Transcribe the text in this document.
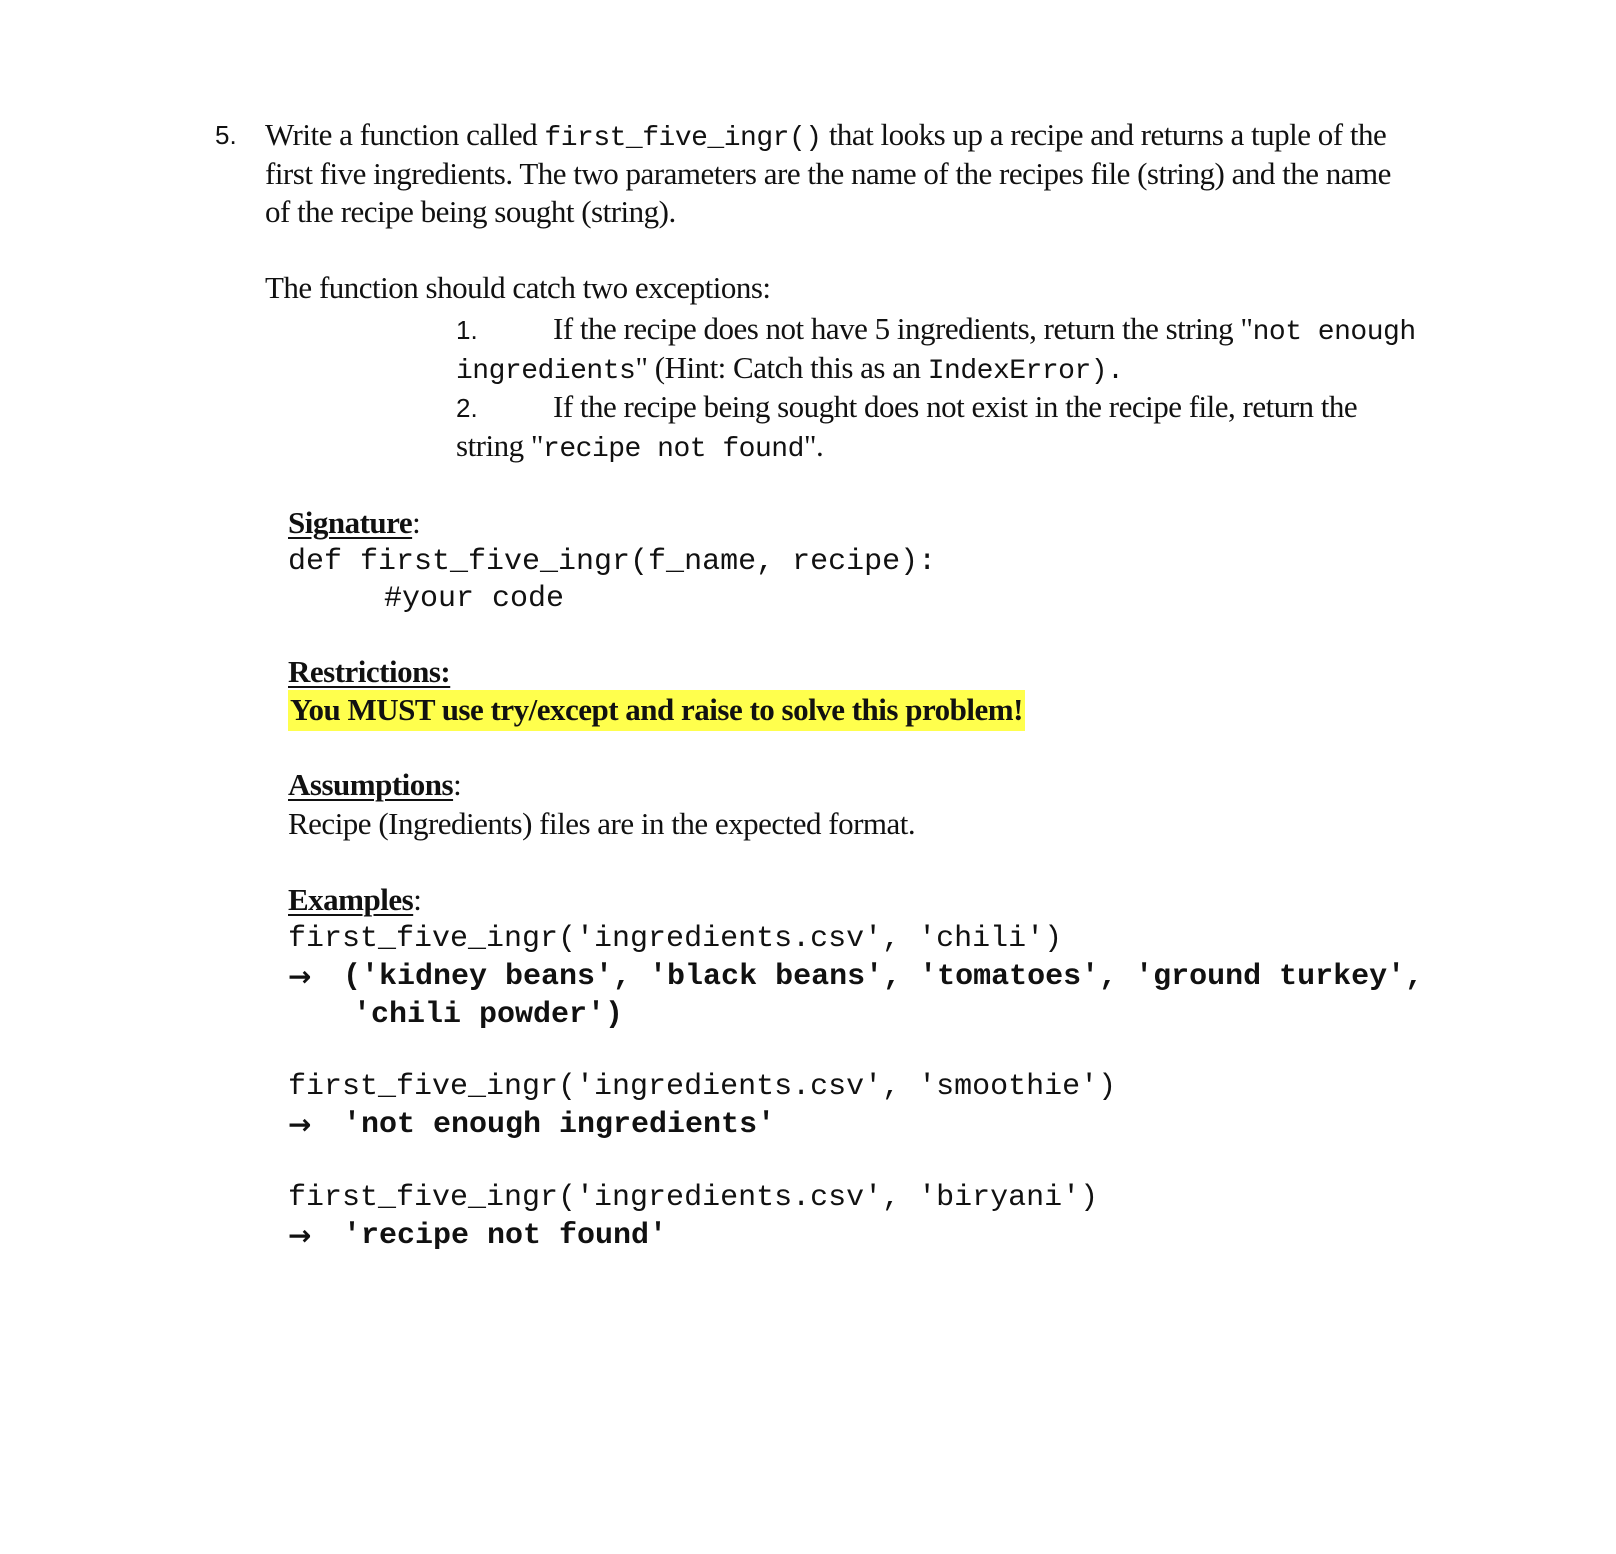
5. Write a function called first_five_ingr() that looks up a recipe and returns a tuple of the
first five ingredients. The two parameters are the name of the recipes file (string) and the name
of the recipe being sought (string).
The function should catch two exceptions:
1. If the recipe does not have 5 ingredients, return the string "not enough
ingredients" (Hint: Catch this as an IndexError).
2. If the recipe being sought does not exist in the recipe file, return the
string "recipe not found".
Signature:
def first_five_ingr(f_name, recipe):
#your code
Restrictions:
You MUST use try/except and raise to solve this problem!
Assumptions:
Recipe (Ingredients) files are in the expected format.
Examples:
first_five_ingr('ingredients.csv', 'chili')
→ ('kidney beans', 'black beans', 'tomatoes', 'ground turkey',
'chili powder')
first_five_ingr('ingredients.csv', 'smoothie')
→ 'not enough ingredients'
first_five_ingr('ingredients.csv', 'biryani')
→ 'recipe not found'
